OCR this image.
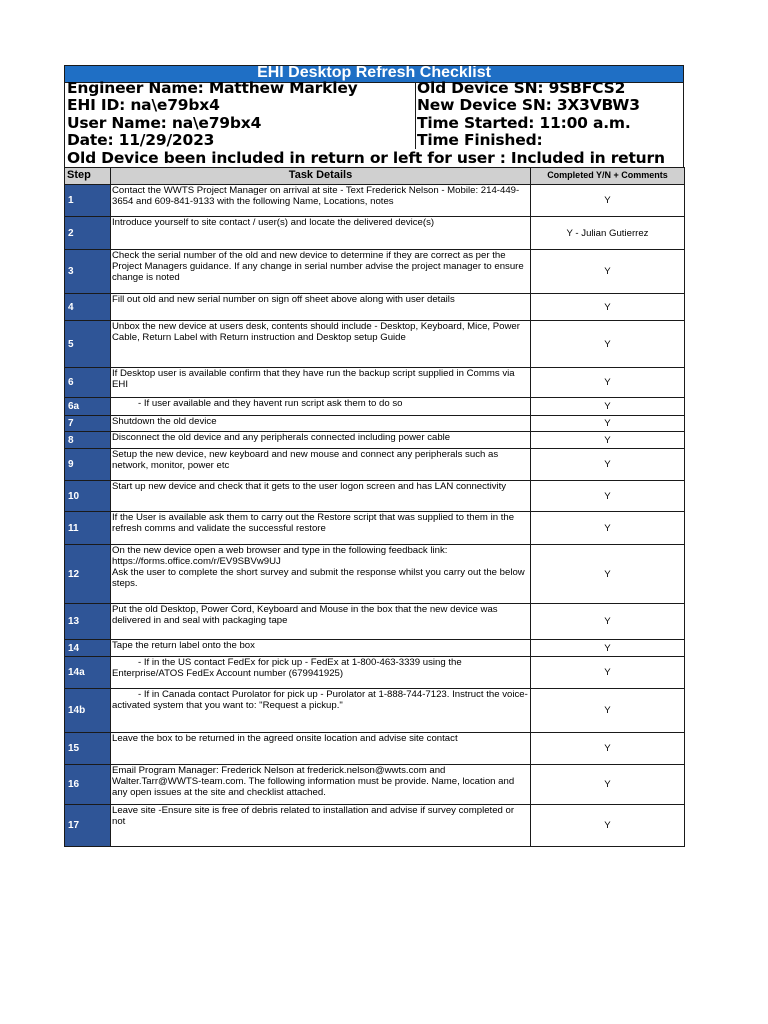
EHI Desktop Refresh Checklist
Engineer Name: Matthew Markley
EHI ID: na\e79bx4
User Name: na\e79bx4
Date: 11/29/2023
Old Device SN: 9SBFCS2
New Device SN: 3X3VBW3
Time Started: 11:00 a.m.
Time Finished:
Old Device been included in return or left for user : Included in return
Step	Task Details	Completed Y/N + Comments
1	Contact the WWTS Project Manager on arrival at site - Text Frederick Nelson - Mobile: 214-449-3654 and 609-841-9133 with the following Name, Locations, notes	Y
2	Introduce yourself to site contact / user(s) and locate the delivered device(s)	Y - Julian Gutierrez
3	Check the serial number of the old and new device to determine if they are correct as per the Project Managers guidance. If any change in serial number advise the project manager to ensure change is noted	Y
4	Fill out old and new serial number on sign off sheet above along with user details	Y
5	Unbox the new device at users desk, contents should include - Desktop, Keyboard, Mice, Power Cable, Return Label with Return instruction and Desktop setup Guide	Y
6	If Desktop user is available confirm that they have run the backup script supplied in Comms via EHI	Y
6a	- If user available and they havent run script ask them to do so	Y
7	Shutdown the old device	Y
8	Disconnect the old device and any peripherals connected including power cable	Y
9	Setup the new device, new keyboard and new mouse and connect any peripherals such as network, monitor, power etc	Y
10	Start up new device and check that it gets to the user logon screen and has LAN connectivity	Y
11	If the User is available ask them to carry out the Restore script that was supplied to them in the refresh comms and validate the successful restore	Y
12	On the new device open a web browser and type in the following feedback link: https://forms.office.com/r/EV9SBVw9UJ
Ask the user to complete the short survey and submit the response whilst you carry out the below steps.	Y
13	Put the old Desktop, Power Cord, Keyboard and Mouse in the box that the new device was delivered in and seal with packaging tape	Y
14	Tape the return label onto the box	Y
14a	- If in the US contact FedEx for pick up - FedEx at 1-800-463-3339 using the Enterprise/ATOS FedEx Account number (679941925)	Y
14b	- If in Canada contact Purolator for pick up - Purolator at 1-888-744-7123. Instruct the voice-activated system that you want to: "Request a pickup."	Y
15	Leave the box to be returned in the agreed onsite location and advise site contact	Y
16	Email Program Manager: Frederick Nelson at frederick.nelson@wwts.com and Walter.Tarr@WWTS-team.com. The following information must be provide. Name, location and any open issues at the site and checklist attached.	Y
17	Leave site -Ensure site is free of debris related to installation and advise if survey completed or not	Y
